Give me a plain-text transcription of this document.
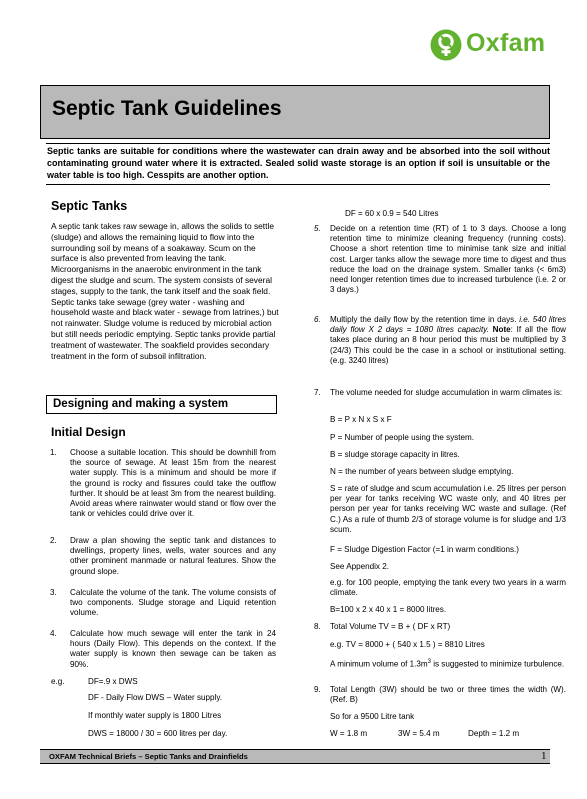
Oxfam
Septic Tank Guidelines
Septic tanks are suitable for conditions where the wastewater can drain away and be absorbed into the soil without contaminating ground water where it is extracted. Sealed solid waste storage is an option if soil is unsuitable or the water table is too high. Cesspits are another option.
Septic Tanks
A septic tank takes raw sewage in, allows the solids to settle (sludge) and allows the remaining liquid to flow into the surrounding soil by means of a soakaway. Scum on the surface is also prevented from leaving the tank. Microorganisms in the anaerobic environment in the tank digest the sludge and scum. The system consists of several stages, supply to the tank, the tank itself and the soak field. Septic tanks take sewage (grey water - washing and household waste and black water - sewage from latrines,) but not rainwater. Sludge volume is reduced by microbial action but still needs periodic emptying. Septic tanks provide partial treatment of wastewater. The soakfield provides secondary treatment in the form of subsoil infiltration.
Designing and making a system
Initial Design
1.	Choose a suitable location. This should be downhill from the source of sewage. At least 15m from the nearest water supply. This is a minimum and should be more if the ground is rocky and fissures could take the outflow further. It should be at least 3m from the nearest building. Avoid areas where rainwater would stand or flow over the tank or vehicles could drive over it.
2.	Draw a plan showing the septic tank and distances to dwellings, property lines, wells, water sources and any other prominent manmade or natural features. Show the ground slope.
3.	Calculate the volume of the tank. The volume consists of two components. Sludge storage and Liquid retention volume.
4.	Calculate how much sewage will enter the tank in 24 hours (Daily Flow). This depends on the context. If the water supply is known then sewage can be taken as 90%.
e.g.	DF=.9 x DWS
DF - Daily Flow DWS – Water supply.
If monthly water supply is 1800 Litres
DWS = 18000 / 30 = 600 litres per day.
DF = 60 x 0.9 = 540 Litres
5. Decide on a retention time (RT) of 1 to 3 days. Choose a long retention time to minimize cleaning frequency (running costs). Choose a short retention time to minimise tank size and initial cost. Larger tanks allow the sewage more time to digest and thus reduce the load on the drainage system. Smaller tanks (< 6m3) need longer retention times due to increased turbulence (i.e. 2 or 3 days.)
6. Multiply the daily flow by the retention time in days. i.e. 540 litres daily flow X 2 days = 1080 litres capacity. Note: If all the flow takes place during an 8 hour period this must be multiplied by 3 (24/3) This could be the case in a school or institutional setting. (e.g. 3240 litres)
7. The volume needed for sludge accumulation in warm climates is:
B = P x N x S x F
P = Number of people using the system.
B = sludge storage capacity in litres.
N = the number of years between sludge emptying.
S = rate of sludge and scum accumulation i.e. 25 litres per person per year for tanks receiving WC waste only, and 40 litres per person per year for tanks receiving WC waste and sullage. (Ref C.) As a rule of thumb 2/3 of storage volume is for sludge and 1/3 scum.
F = Sludge Digestion Factor (=1 in warm conditions.)
See Appendix 2.
e.g. for 100 people, emptying the tank every two years in a warm climate.
B=100 x 2 x 40 x 1 = 8000 litres.
8. Total Volume TV = B + ( DF x RT)
e.g. TV = 8000 + ( 540 x 1.5 ) = 8810 Litres
A minimum volume of $1.3m^3$ is suggested to minimize turbulence.
9. Total Length (3W) should be two or three times the width (W). (Ref. B)
So for a 9500 Litre tank
W = 1.8 m	3W = 5.4 m	Depth = 1.2 m
OXFAM Technical Briefs – Septic Tanks and Drainfields	1
